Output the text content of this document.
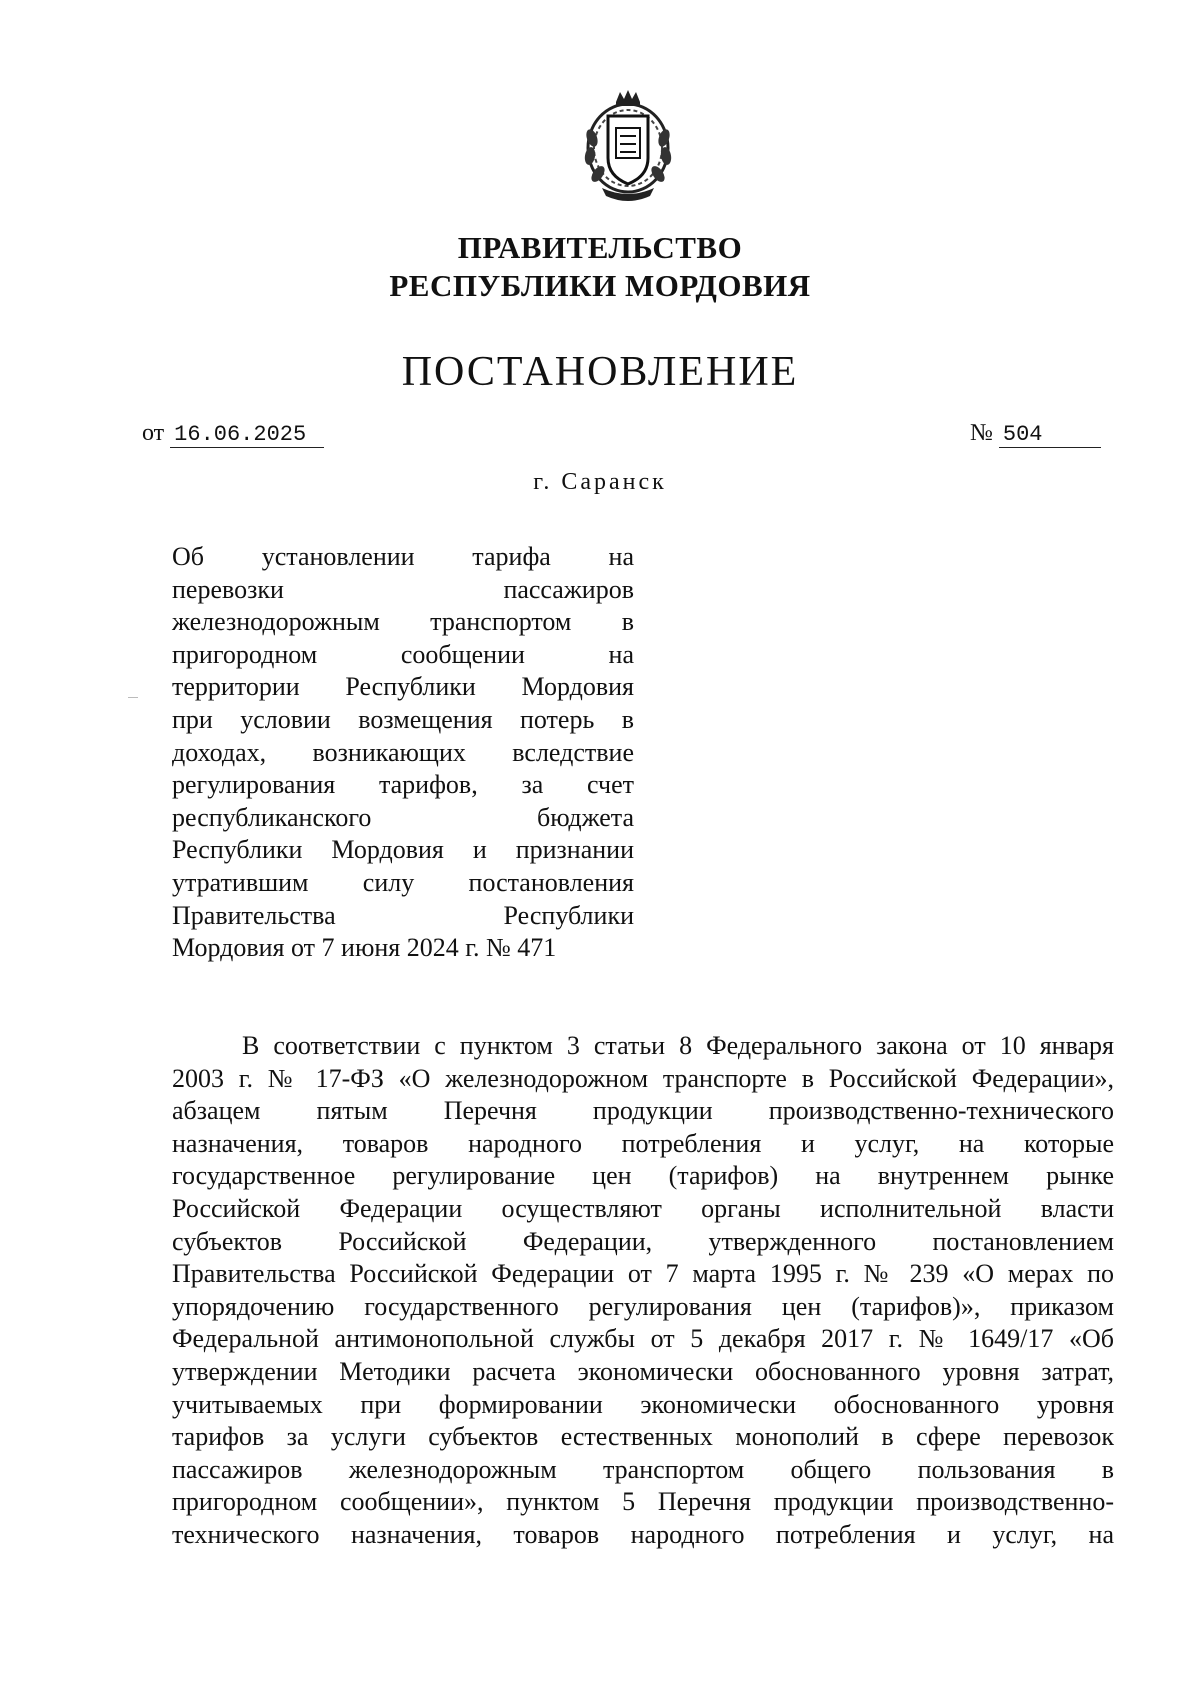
ПРАВИТЕЛЬСТВО
РЕСПУБЛИКИ МОРДОВИЯ
ПОСТАНОВЛЕНИЕ
от 16.06.2025	№ 504
г. Саранск
Об установлении тарифа на
перевозки пассажиров
железнодорожным транспортом в
пригородном сообщении на
территории Республики Мордовия
при условии возмещения потерь в
доходах, возникающих вследствие
регулирования тарифов, за счет
республиканского бюджета
Республики Мордовия и признании
утратившим силу постановления
Правительства Республики
Мордовия от 7 июня 2024 г. № 471
В соответствии с пунктом 3 статьи 8 Федерального закона от 10 января
2003 г. № 17-ФЗ «О железнодорожном транспорте в Российской Федерации»,
абзацем пятым Перечня продукции производственно-технического
назначения, товаров народного потребления и услуг, на которые
государственное регулирование цен (тарифов) на внутреннем рынке
Российской Федерации осуществляют органы исполнительной власти
субъектов Российской Федерации, утвержденного постановлением
Правительства Российской Федерации от 7 марта 1995 г. № 239 «О мерах по
упорядочению государственного регулирования цен (тарифов)», приказом
Федеральной антимонопольной службы от 5 декабря 2017 г. № 1649/17 «Об
утверждении Методики расчета экономически обоснованного уровня затрат,
учитываемых при формировании экономически обоснованного уровня
тарифов за услуги субъектов естественных монополий в сфере перевозок
пассажиров железнодорожным транспортом общего пользования в
пригородном сообщении», пунктом 5 Перечня продукции производственно-
технического назначения, товаров народного потребления и услуг, на
